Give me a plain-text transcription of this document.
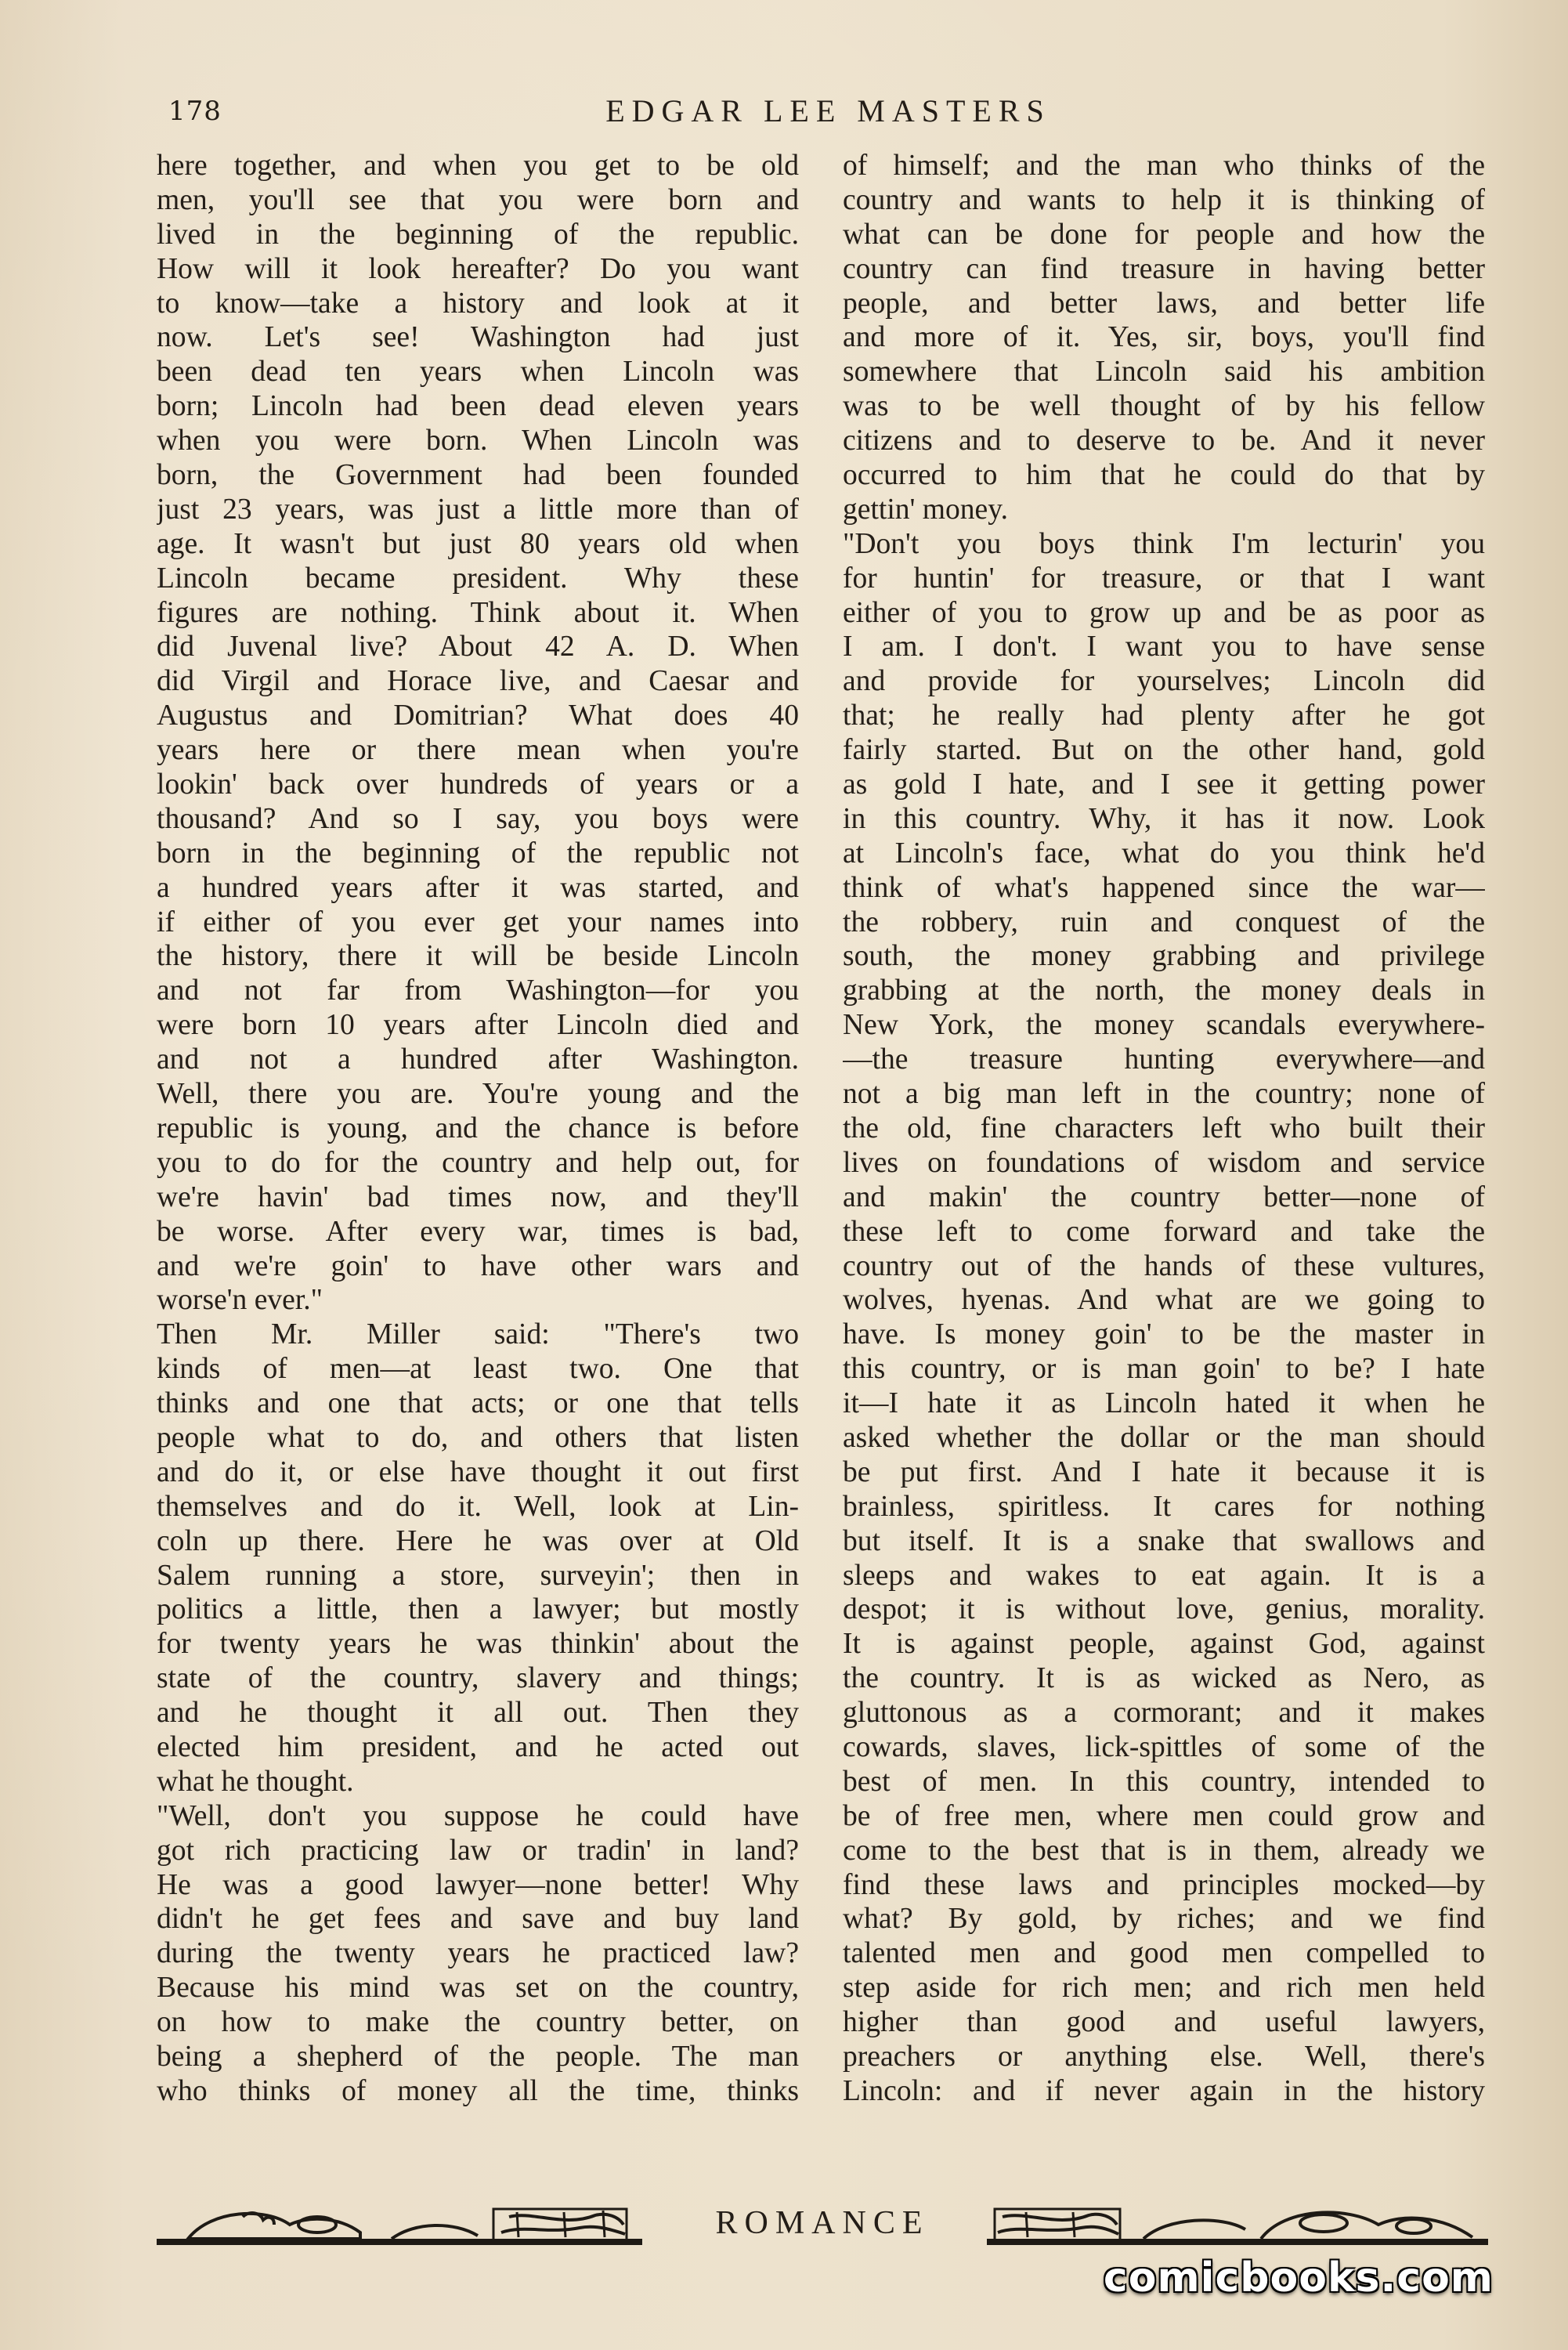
178	EDGAR LEE MASTERS
here together, and when you get to be old
men, you'll see that you were born and
lived in the beginning of the republic.
How will it look hereafter? Do you want
to know—take a history and look at it
now. Let's see! Washington had just
been dead ten years when Lincoln was
born; Lincoln had been dead eleven years
when you were born. When Lincoln was
born, the Government had been founded
just 23 years, was just a little more than of
age. It wasn't but just 80 years old when
Lincoln became president. Why these
figures are nothing. Think about it. When
did Juvenal live? About 42 A. D. When
did Virgil and Horace live, and Caesar and
Augustus and Domitrian? What does 40
years here or there mean when you're
lookin' back over hundreds of years or a
thousand? And so I say, you boys were
born in the beginning of the republic not
a hundred years after it was started, and
if either of you ever get your names into
the history, there it will be beside Lincoln
and not far from Washington—for you
were born 10 years after Lincoln died and
and not a hundred after Washington.
Well, there you are. You're young and the
republic is young, and the chance is before
you to do for the country and help out, for
we're havin' bad times now, and they'll
be worse. After every war, times is bad,
and we're goin' to have other wars and
worse'n ever."
Then Mr. Miller said: "There's two
kinds of men—at least two. One that
thinks and one that acts; or one that tells
people what to do, and others that listen
and do it, or else have thought it out first
themselves and do it. Well, look at Lin-
coln up there. Here he was over at Old
Salem running a store, surveyin'; then in
politics a little, then a lawyer; but mostly
for twenty years he was thinkin' about the
state of the country, slavery and things;
and he thought it all out. Then they
elected him president, and he acted out
what he thought.
"Well, don't you suppose he could have
got rich practicing law or tradin' in land?
He was a good lawyer—none better! Why
didn't he get fees and save and buy land
during the twenty years he practiced law?
Because his mind was set on the country,
on how to make the country better, on
being a shepherd of the people. The man
who thinks of money all the time, thinks
of himself; and the man who thinks of the
country and wants to help it is thinking of
what can be done for people and how the
country can find treasure in having better
people, and better laws, and better life
and more of it. Yes, sir, boys, you'll find
somewhere that Lincoln said his ambition
was to be well thought of by his fellow
citizens and to deserve to be. And it never
occurred to him that he could do that by
gettin' money.
"Don't you boys think I'm lecturin' you
for huntin' for treasure, or that I want
either of you to grow up and be as poor as
I am. I don't. I want you to have sense
and provide for yourselves; Lincoln did
that; he really had plenty after he got
fairly started. But on the other hand, gold
as gold I hate, and I see it getting power
in this country. Why, it has it now. Look
at Lincoln's face, what do you think he'd
think of what's happened since the war—
the robbery, ruin and conquest of the
south, the money grabbing and privilege
grabbing at the north, the money deals in
New York, the money scandals everywhere-
—the treasure hunting everywhere—and
not a big man left in the country; none of
the old, fine characters left who built their
lives on foundations of wisdom and service
and makin' the country better—none of
these left to come forward and take the
country out of the hands of these vultures,
wolves, hyenas. And what are we going to
have. Is money goin' to be the master in
this country, or is man goin' to be? I hate
it—I hate it as Lincoln hated it when he
asked whether the dollar or the man should
be put first. And I hate it because it is
brainless, spiritless. It cares for nothing
but itself. It is a snake that swallows and
sleeps and wakes to eat again. It is a
despot; it is without love, genius, morality.
It is against people, against God, against
the country. It is as wicked as Nero, as
gluttonous as a cormorant; and it makes
cowards, slaves, lick-spittles of some of the
best of men. In this country, intended to
be of free men, where men could grow and
come to the best that is in them, already we
find these laws and principles mocked—by
what? By gold, by riches; and we find
talented men and good men compelled to
step aside for rich men; and rich men held
higher than good and useful lawyers,
preachers or anything else. Well, there's
Lincoln: and if never again in the history
ROMANCE
comicbooks.com
